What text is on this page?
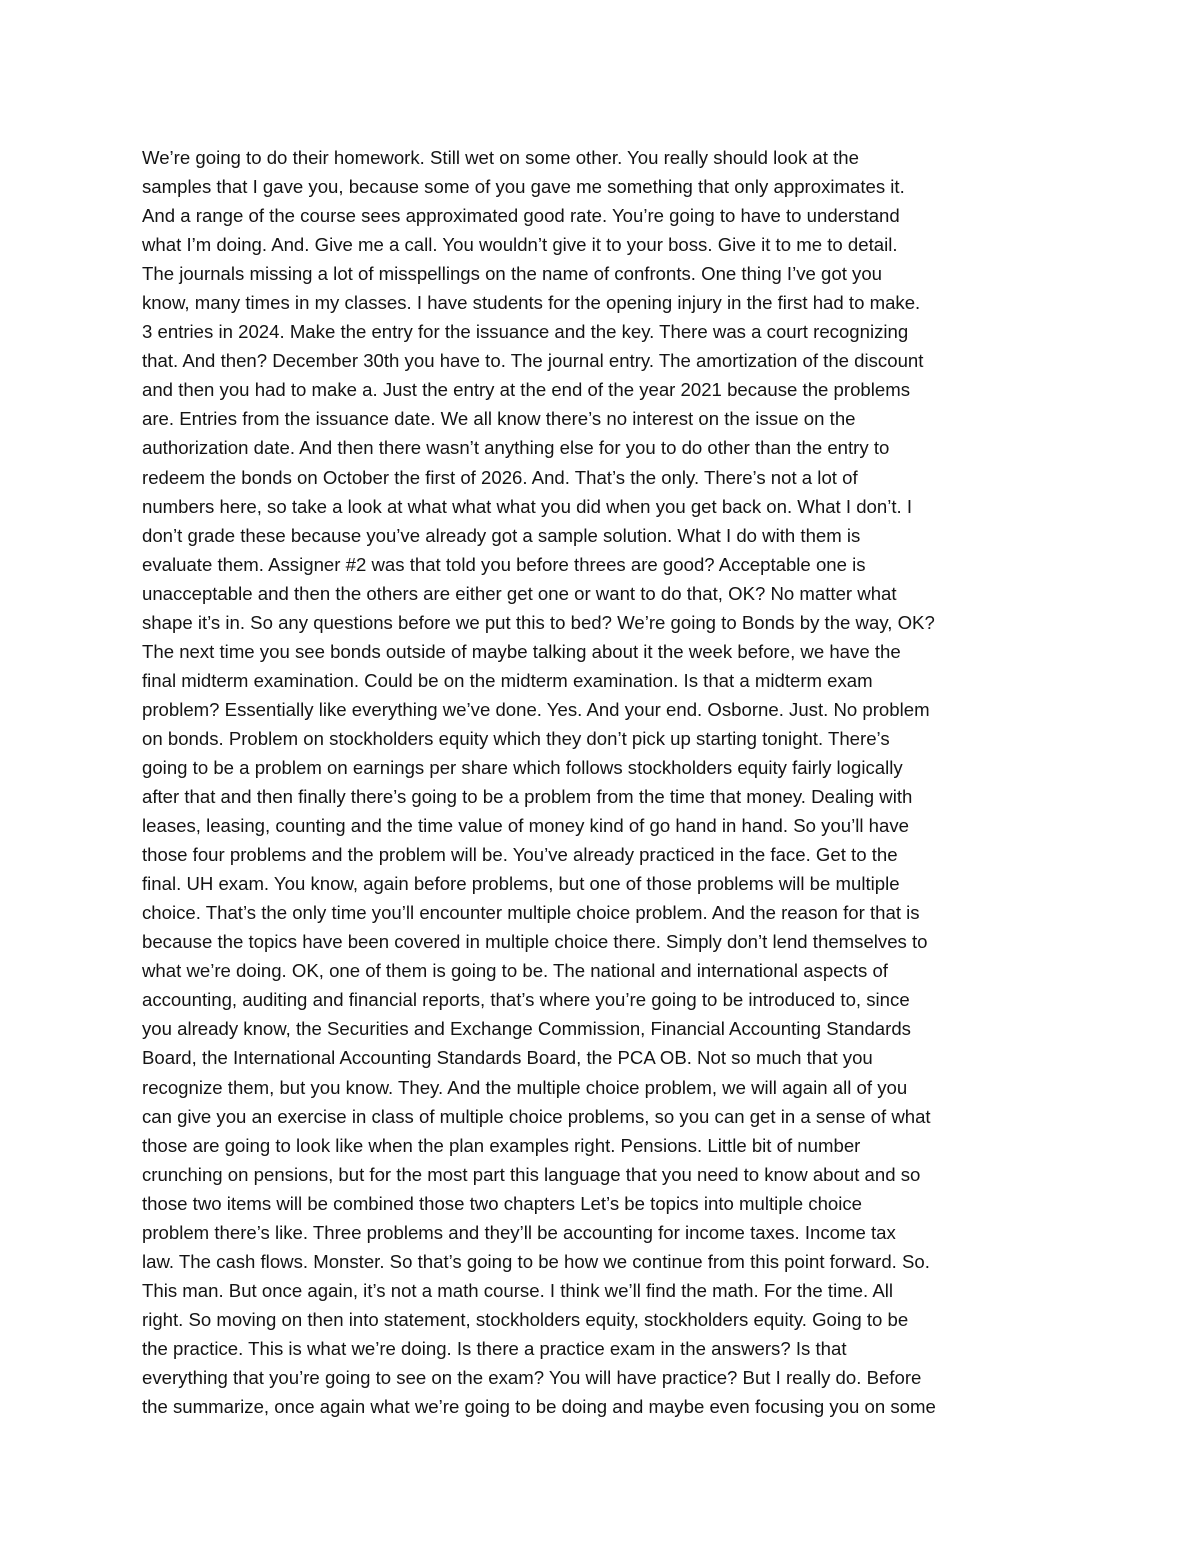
We’re going to do their homework. Still wet on some other. You really should look at the
samples that I gave you, because some of you gave me something that only approximates it.
And a range of the course sees approximated good rate. You’re going to have to understand
what I’m doing. And. Give me a call. You wouldn’t give it to your boss. Give it to me to detail.
The journals missing a lot of misspellings on the name of confronts. One thing I’ve got you
know, many times in my classes. I have students for the opening injury in the first had to make.
3 entries in 2024. Make the entry for the issuance and the key. There was a court recognizing
that. And then? December 30th you have to. The journal entry. The amortization of the discount
and then you had to make a. Just the entry at the end of the year 2021 because the problems
are. Entries from the issuance date. We all know there’s no interest on the issue on the
authorization date. And then there wasn’t anything else for you to do other than the entry to
redeem the bonds on October the first of 2026. And. That’s the only. There’s not a lot of
numbers here, so take a look at what what what you did when you get back on. What I don’t. I
don’t grade these because you’ve already got a sample solution. What I do with them is
evaluate them. Assigner #2 was that told you before threes are good? Acceptable one is
unacceptable and then the others are either get one or want to do that, OK? No matter what
shape it’s in. So any questions before we put this to bed? We’re going to Bonds by the way, OK?
The next time you see bonds outside of maybe talking about it the week before, we have the
final midterm examination. Could be on the midterm examination. Is that a midterm exam
problem? Essentially like everything we’ve done. Yes. And your end. Osborne. Just. No problem
on bonds. Problem on stockholders equity which they don’t pick up starting tonight. There’s
going to be a problem on earnings per share which follows stockholders equity fairly logically
after that and then finally there’s going to be a problem from the time that money. Dealing with
leases, leasing, counting and the time value of money kind of go hand in hand. So you’ll have
those four problems and the problem will be. You’ve already practiced in the face. Get to the
final. UH exam. You know, again before problems, but one of those problems will be multiple
choice. That’s the only time you’ll encounter multiple choice problem. And the reason for that is
because the topics have been covered in multiple choice there. Simply don’t lend themselves to
what we’re doing. OK, one of them is going to be. The national and international aspects of
accounting, auditing and financial reports, that’s where you’re going to be introduced to, since
you already know, the Securities and Exchange Commission, Financial Accounting Standards
Board, the International Accounting Standards Board, the PCA OB. Not so much that you
recognize them, but you know. They. And the multiple choice problem, we will again all of you
can give you an exercise in class of multiple choice problems, so you can get in a sense of what
those are going to look like when the plan examples right. Pensions. Little bit of number
crunching on pensions, but for the most part this language that you need to know about and so
those two items will be combined those two chapters Let’s be topics into multiple choice
problem there’s like. Three problems and they’ll be accounting for income taxes. Income tax
law. The cash flows. Monster. So that’s going to be how we continue from this point forward. So.
This man. But once again, it’s not a math course. I think we’ll find the math. For the time. All
right. So moving on then into statement, stockholders equity, stockholders equity. Going to be
the practice. This is what we’re doing. Is there a practice exam in the answers? Is that
everything that you’re going to see on the exam? You will have practice? But I really do. Before
the summarize, once again what we’re going to be doing and maybe even focusing you on some
